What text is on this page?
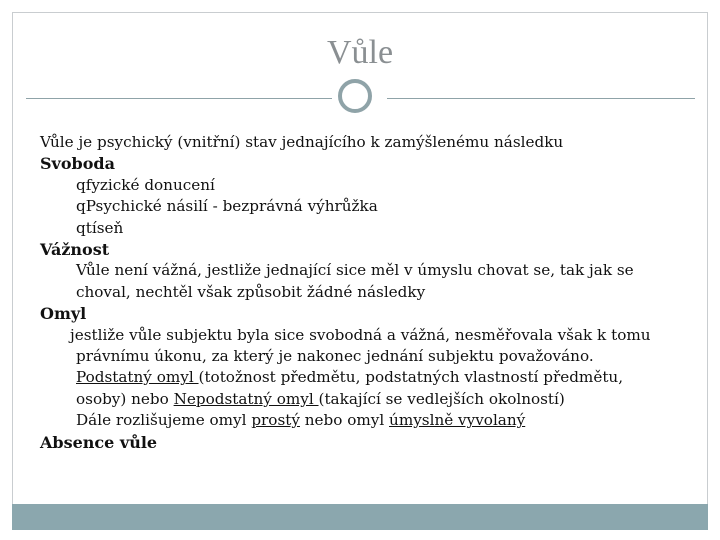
Vůle
Vůle je psychický (vnitřní) stav jednajícího k zamýšlenému následku
Svoboda
qfyzické donucení
qPsychické násilí - bezprávná výhrůžka
qtíseň
Vážnost
Vůle není vážná, jestliže jednající sice měl v úmyslu chovat se, tak jak se
choval, nechtěl však způsobit žádné následky
Omyl
jestliže vůle subjektu byla sice svobodná a vážná, nesměřovala však k tomu
právnímu úkonu, za který je nakonec jednání subjektu považováno.
Podstatný omyl (totožnost předmětu, podstatných vlastností předmětu,
osoby) nebo Nepodstatný omyl (takající se vedlejších okolností)
Dále rozlišujeme omyl prostý nebo omyl úmyslně vyvolaný
Absence vůle
